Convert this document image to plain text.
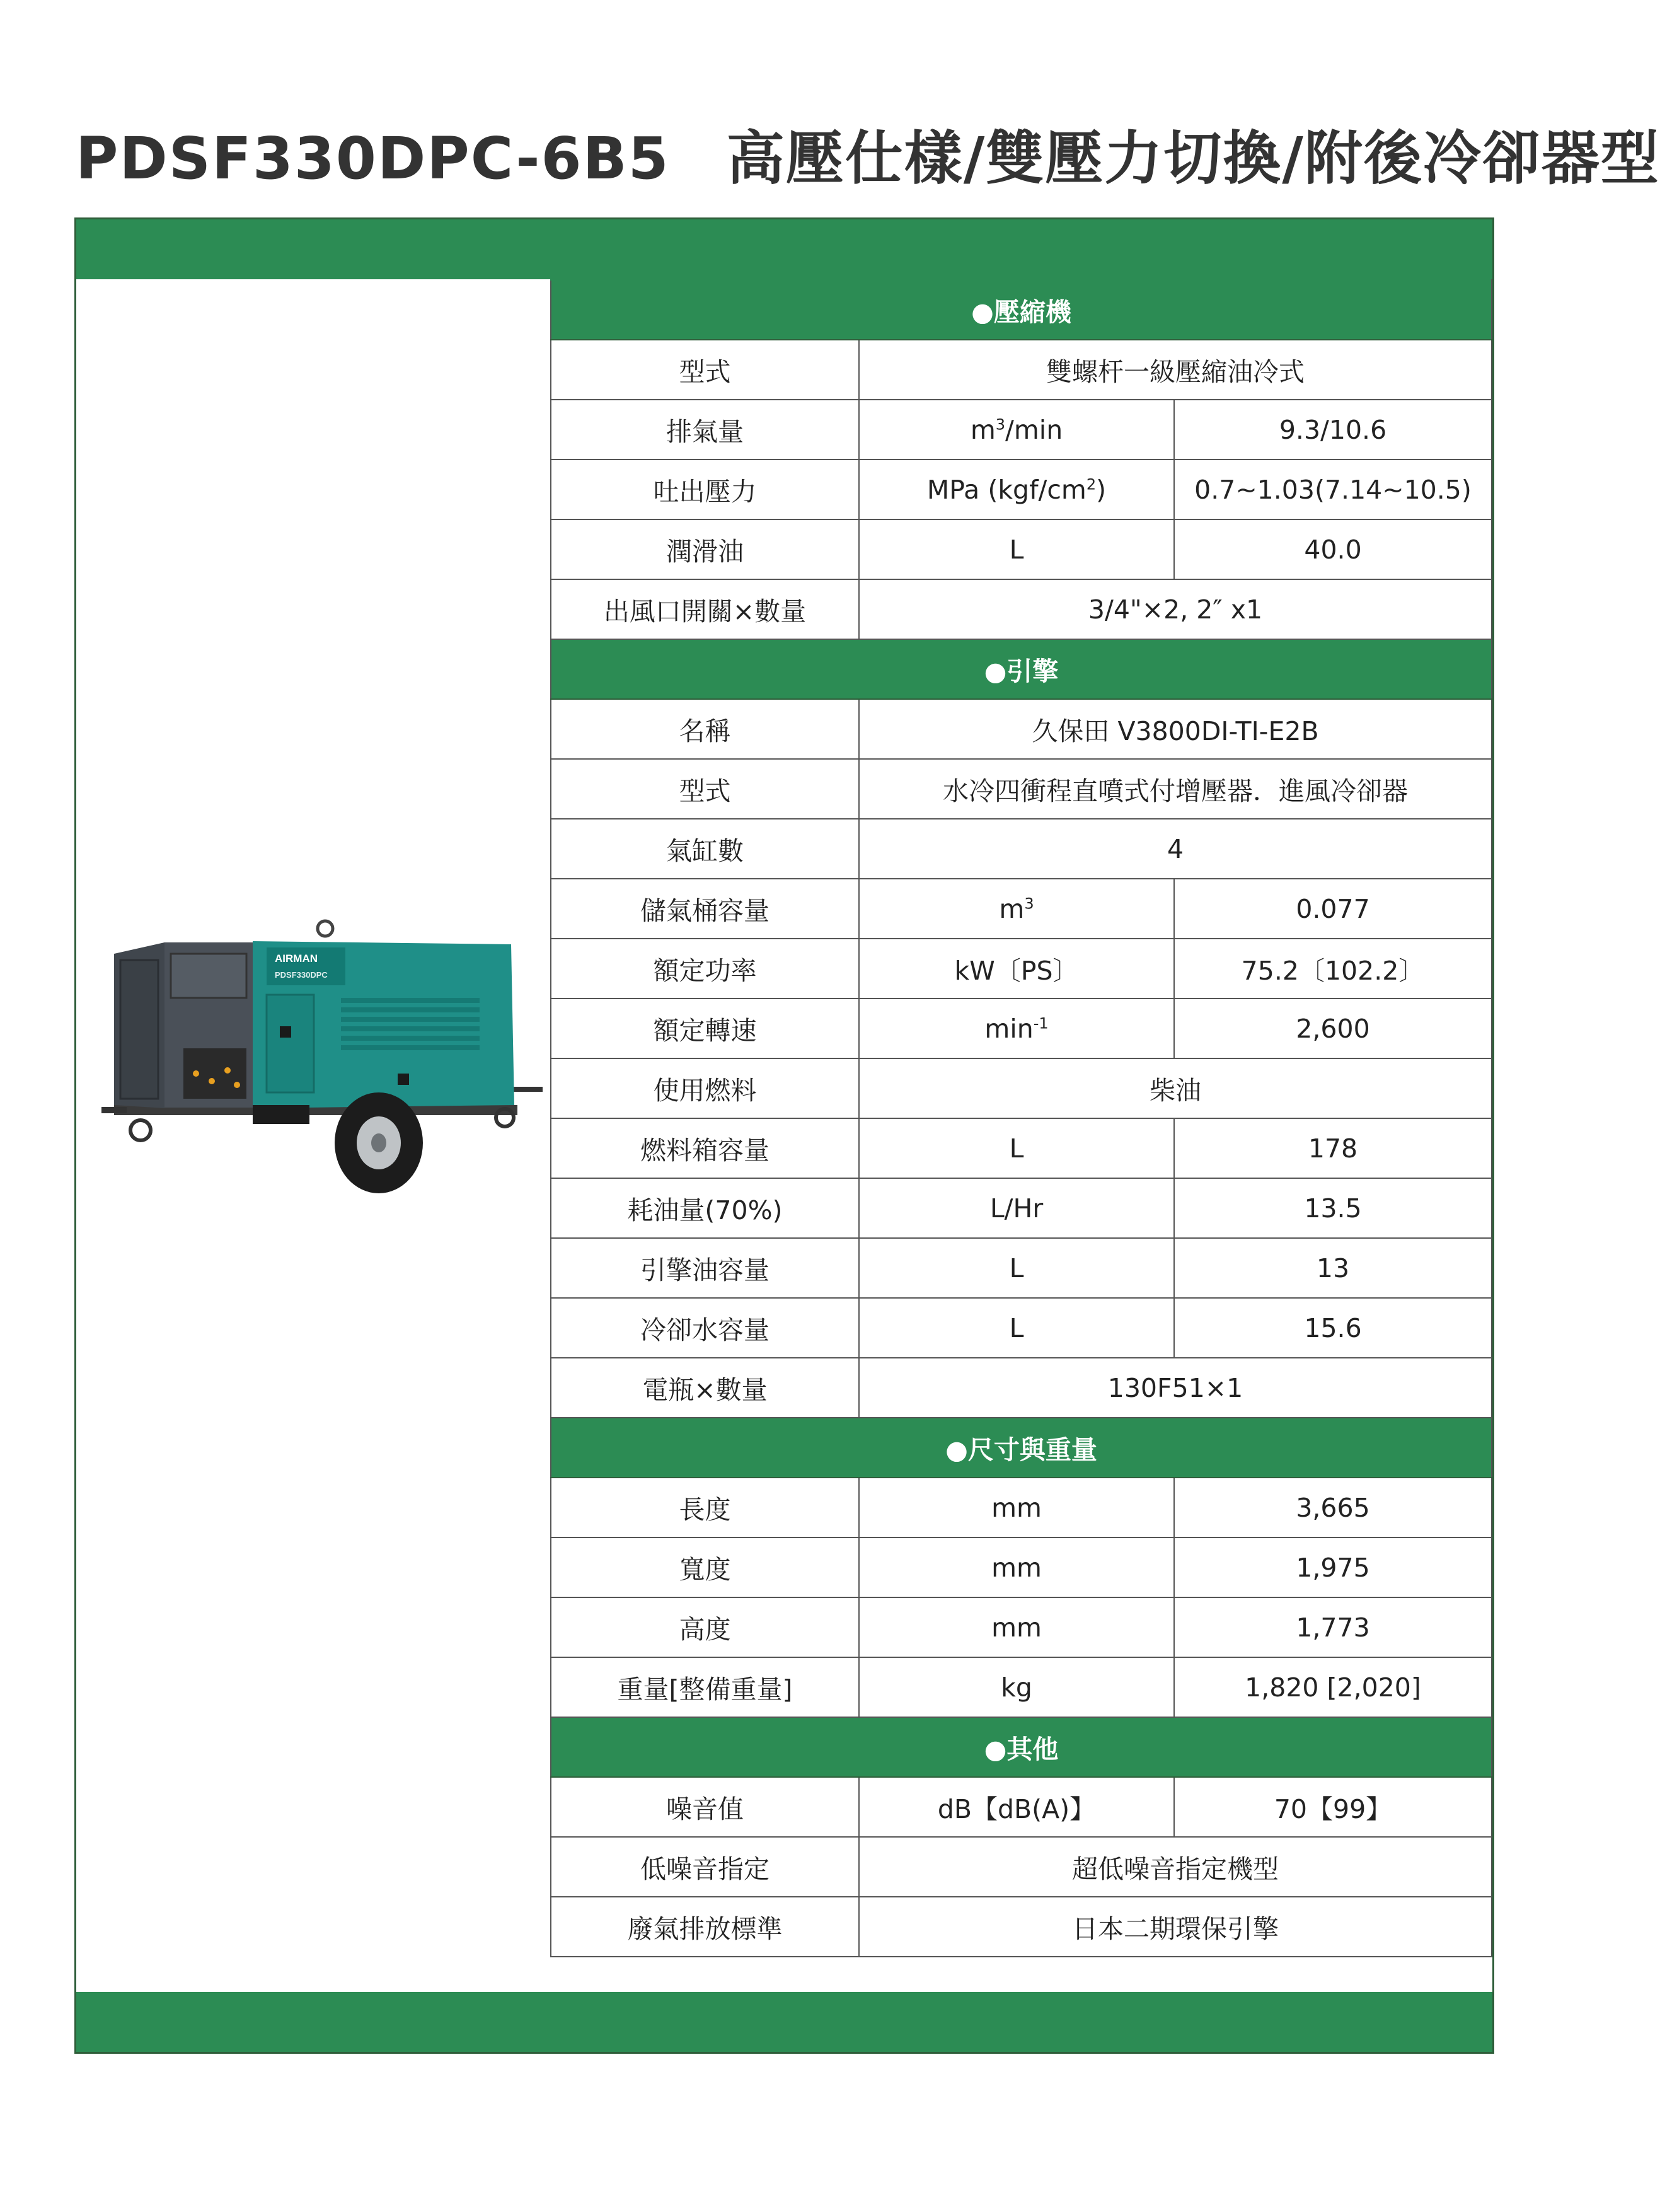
PDSF330DPC-6B5 高壓仕樣/雙壓力切換/附後冷卻器型
AIRMAN
PDSF330DPC
●壓縮機		
型式	雙螺杆一級壓縮油冷式	
排氣量	$m^3/\min$	9.3/10.6
吐出壓力	MPa $(kgf/cm^2)$	0.7~1.03(7.14~10.5)
潤滑油	L	40.0
出風口開關×數量	3/4"×2, 2″ x1	
●引擎		
名稱	久保田 V3800DI-TI-E2B	
型式	水冷四衝程直噴式付增壓器．進風冷卻器	
氣缸數	4	
儲氣桶容量	$m^3$	0.077
額定功率	kW〔PS〕	75.2〔102.2〕
額定轉速	$\min^{-1}$	2,600
使用燃料	柴油	
燃料箱容量	L	178
耗油量(70%)	L/Hr	13.5
引擎油容量	L	13
冷卻水容量	L	15.6
電瓶×數量	130F51×1	
●尺寸與重量		
長度	mm	3,665
寬度	mm	1,975
高度	mm	1,773
重量[整備重量]	kg	1,820 [2,020]
●其他		
噪音值	dB【dB(A)】	70【99】
低噪音指定	超低噪音指定機型	
廢氣排放標準	日本二期環保引擎	
